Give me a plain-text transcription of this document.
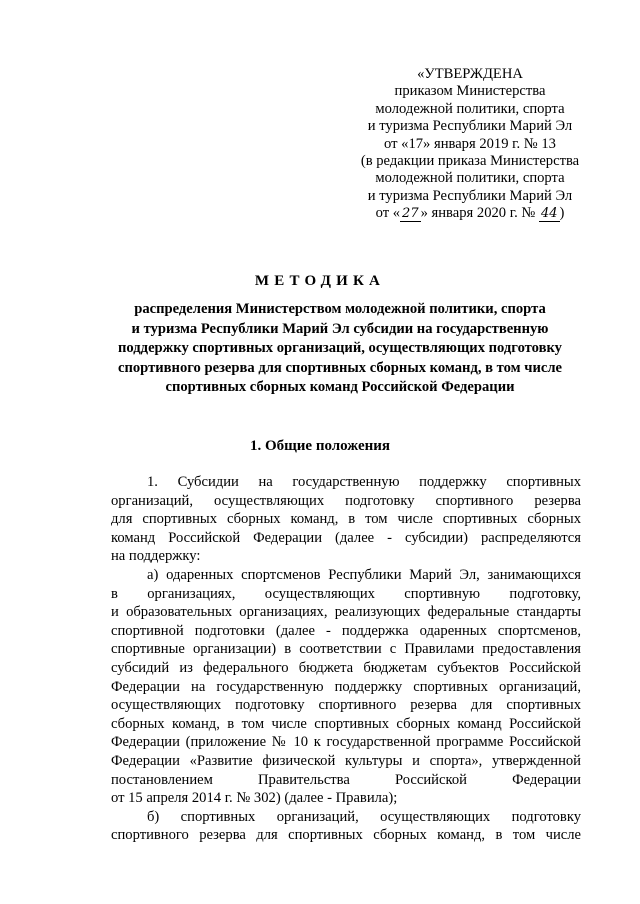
«УТВЕРЖДЕНА
приказом Министерства
молодежной политики, спорта
и туризма Республики Марий Эл
от «17» января 2019 г. № 13
(в редакции приказа Министерства
молодежной политики, спорта
и туризма Республики Марий Эл
от « 27 » января 2020 г. № 44 )
МЕТОДИКА
распределения Министерством молодежной политики, спорта
и туризма Республики Марий Эл субсидии на государственную
поддержку спортивных организаций, осуществляющих подготовку
спортивного резерва для спортивных сборных команд, в том числе
спортивных сборных команд Российской Федерации
1. Общие положения
1. Субсидии на государственную поддержку спортивных
организаций, осуществляющих подготовку спортивного резерва
для спортивных сборных команд, в том числе спортивных сборных
команд Российской Федерации (далее - субсидии) распределяются
на поддержку:
а) одаренных спортсменов Республики Марий Эл, занимающихся
в организациях, осуществляющих спортивную подготовку,
и образовательных организациях, реализующих федеральные стандарты
спортивной подготовки (далее - поддержка одаренных спортсменов,
спортивные организации) в соответствии с Правилами предоставления
субсидий из федерального бюджета бюджетам субъектов Российской
Федерации на государственную поддержку спортивных организаций,
осуществляющих подготовку спортивного резерва для спортивных
сборных команд, в том числе спортивных сборных команд Российской
Федерации (приложение № 10 к государственной программе Российской
Федерации «Развитие физической культуры и спорта», утвержденной
постановлением Правительства Российской Федерации
от 15 апреля 2014 г. № 302) (далее - Правила);
б) спортивных организаций, осуществляющих подготовку
спортивного резерва для спортивных сборных команд, в том числе
